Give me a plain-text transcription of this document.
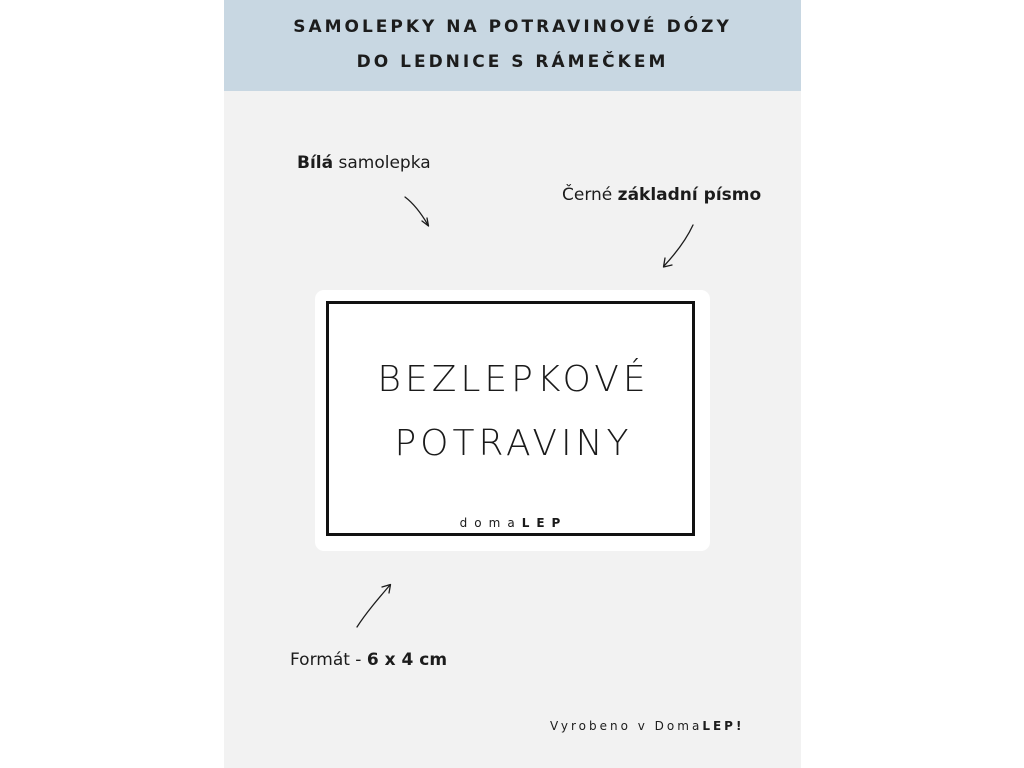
SAMOLEPKY NA POTRAVINOVÉ DÓZY
DO LEDNICE S RÁMEČKEM
Bílá samolepka
Černé základní písmo
BEZLEPKOVÉ
POTRAVINY
domaLEP
Formát - 6 x 4 cm
Vyrobeno v DomaLEP!
